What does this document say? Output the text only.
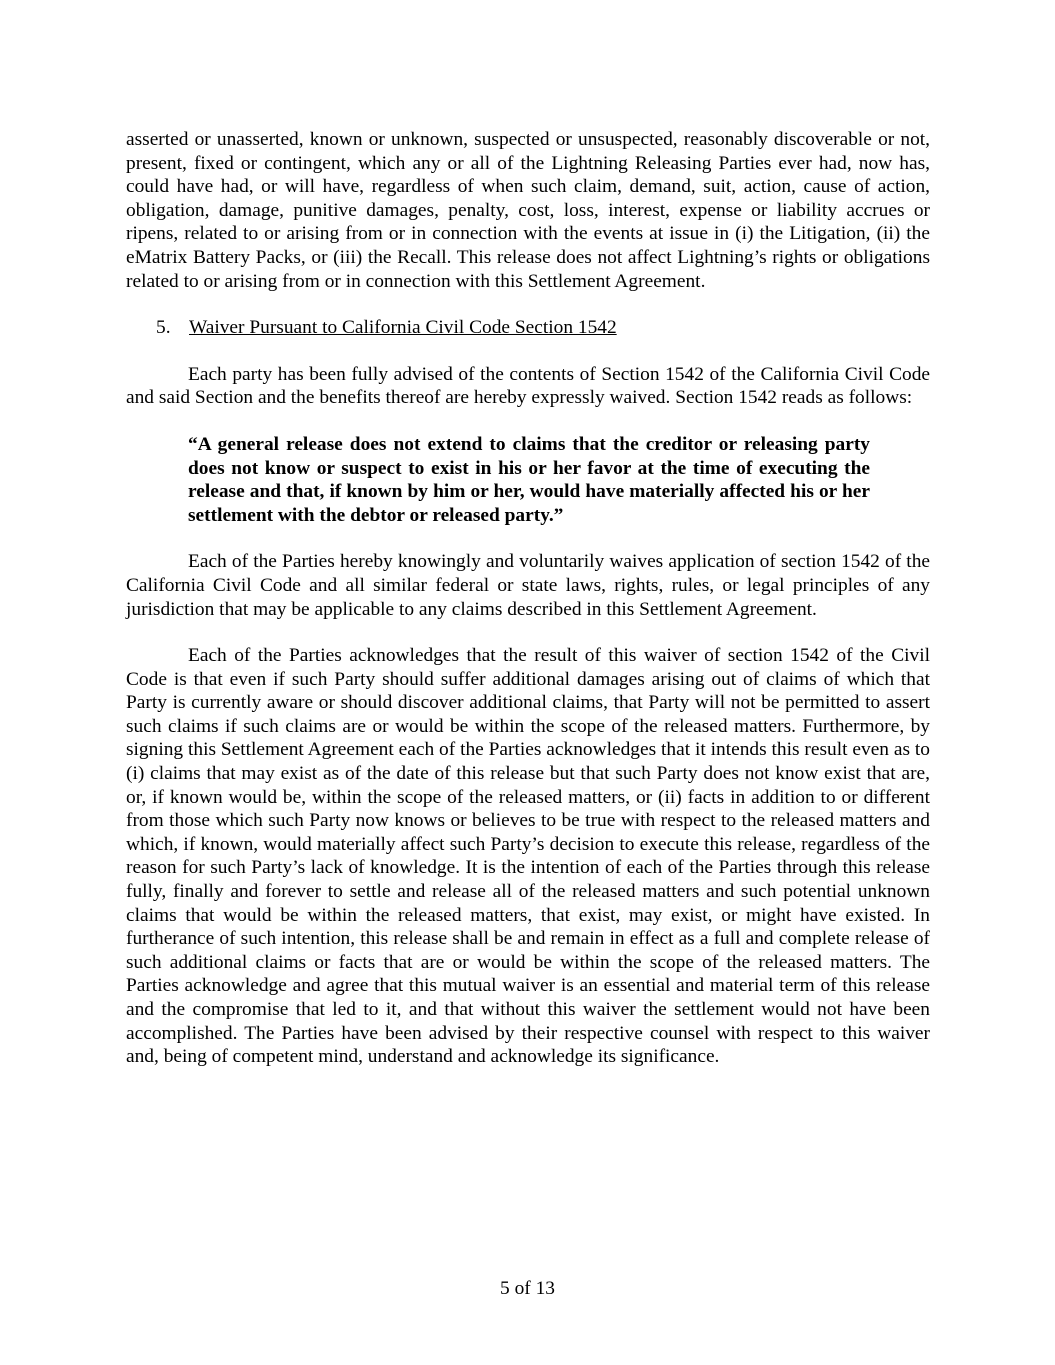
asserted or unasserted, known or unknown, suspected or unsuspected, reasonably discoverable or not, present, fixed or contingent, which any or all of the Lightning Releasing Parties ever had, now has, could have had, or will have, regardless of when such claim, demand, suit, action, cause of action, obligation, damage, punitive damages, penalty, cost, loss, interest, expense or liability accrues or ripens, related to or arising from or in connection with the events at issue in (i) the Litigation, (ii) the eMatrix Battery Packs, or (iii) the Recall. This release does not affect Lightning’s rights or obligations related to or arising from or in connection with this Settlement Agreement.

5. Waiver Pursuant to California Civil Code Section 1542

Each party has been fully advised of the contents of Section 1542 of the California Civil Code and said Section and the benefits thereof are hereby expressly waived. Section 1542 reads as follows:

“A general release does not extend to claims that the creditor or releasing party does not know or suspect to exist in his or her favor at the time of executing the release and that, if known by him or her, would have materially affected his or her settlement with the debtor or released party.”

Each of the Parties hereby knowingly and voluntarily waives application of section 1542 of the California Civil Code and all similar federal or state laws, rights, rules, or legal principles of any jurisdiction that may be applicable to any claims described in this Settlement Agreement.

Each of the Parties acknowledges that the result of this waiver of section 1542 of the Civil Code is that even if such Party should suffer additional damages arising out of claims of which that Party is currently aware or should discover additional claims, that Party will not be permitted to assert such claims if such claims are or would be within the scope of the released matters. Furthermore, by signing this Settlement Agreement each of the Parties acknowledges that it intends this result even as to (i) claims that may exist as of the date of this release but that such Party does not know exist that are, or, if known would be, within the scope of the released matters, or (ii) facts in addition to or different from those which such Party now knows or believes to be true with respect to the released matters and which, if known, would materially affect such Party’s decision to execute this release, regardless of the reason for such Party’s lack of knowledge. It is the intention of each of the Parties through this release fully, finally and forever to settle and release all of the released matters and such potential unknown claims that would be within the released matters, that exist, may exist, or might have existed. In furtherance of such intention, this release shall be and remain in effect as a full and complete release of such additional claims or facts that are or would be within the scope of the released matters. The Parties acknowledge and agree that this mutual waiver is an essential and material term of this release and the compromise that led to it, and that without this waiver the settlement would not have been accomplished. The Parties have been advised by their respective counsel with respect to this waiver and, being of competent mind, understand and acknowledge its significance.

5 of 13
